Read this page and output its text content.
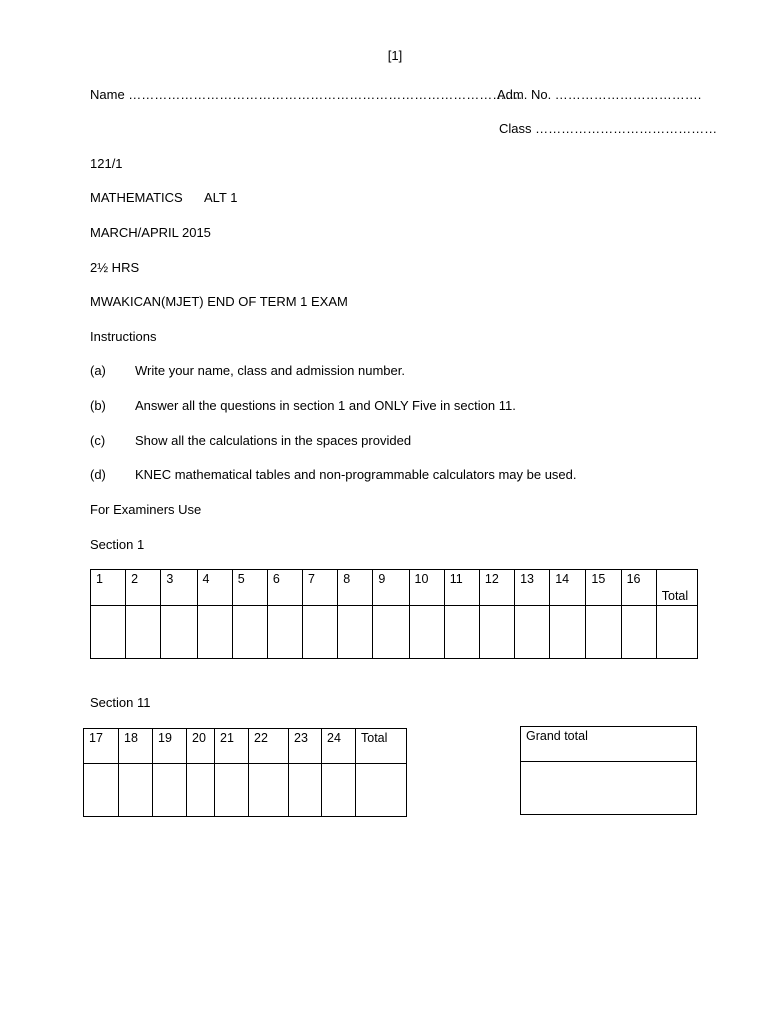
[1]
Name ……………………………………………………………………………….
Adm. No. …………………………….
Class ……………………………………
121/1
MATHEMATICS ALT 1
MARCH/APRIL 2015
2½ HRS
MWAKICAN(MJET) END OF TERM 1 EXAM
Instructions
(a) Write your name, class and admission number.
(b) Answer all the questions in section 1 and ONLY Five in section 11.
(c) Show all the calculations in the spaces provided
(d) KNEC mathematical tables and non-programmable calculators may be used.
For Examiners Use
Section 1
1	2	3	4	5	6	7	8	9	10	11	12	13	14	15	16	Total

Section 11
17	18	19	20	21	22	23	24	Total

									Grand total
